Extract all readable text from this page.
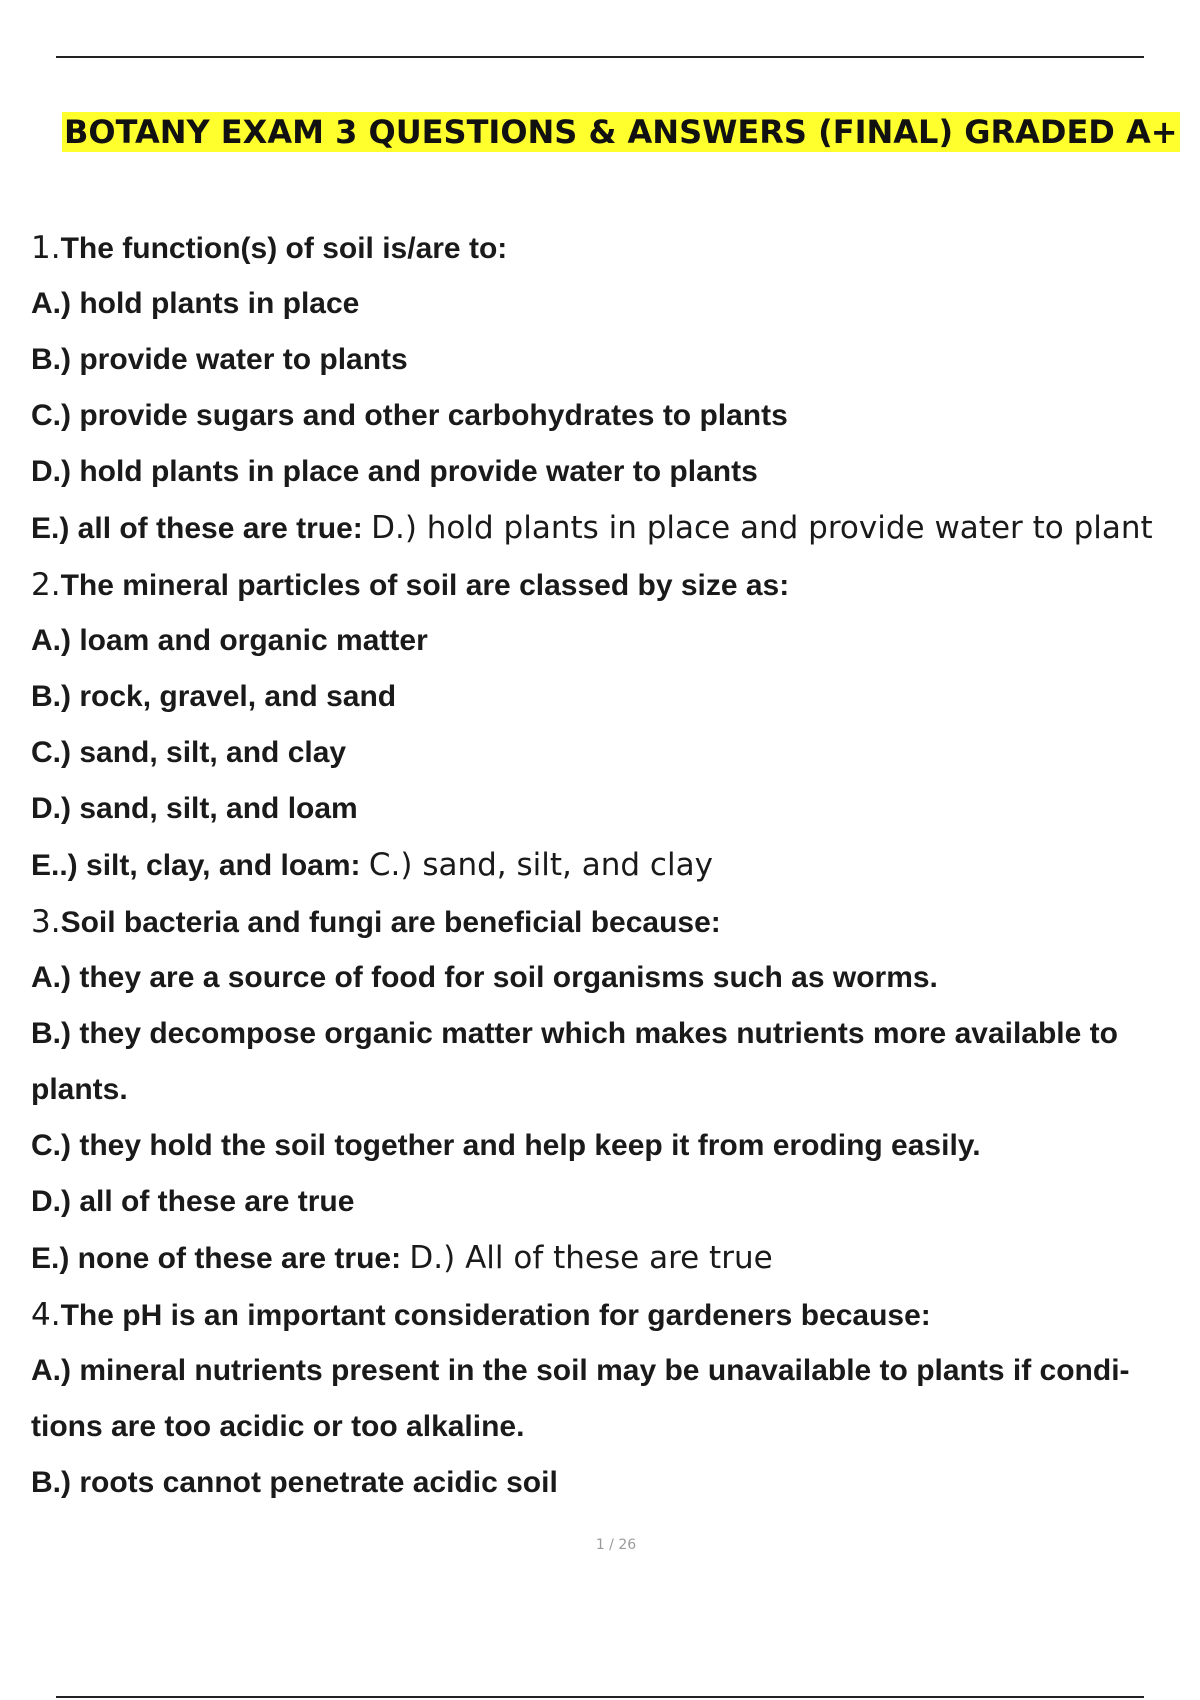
BOTANY EXAM 3 QUESTIONS & ANSWERS (FINAL) GRADED A+
1.The function(s) of soil is/are to:
A.) hold plants in place
B.) provide water to plants
C.) provide sugars and other carbohydrates to plants
D.) hold plants in place and provide water to plants
E.) all of these are true: D.) hold plants in place and provide water to plant
2.The mineral particles of soil are classed by size as:
A.) loam and organic matter
B.) rock, gravel, and sand
C.) sand, silt, and clay
D.) sand, silt, and loam
E..) silt, clay, and loam: C.) sand, silt, and clay
3.Soil bacteria and fungi are beneficial because:
A.) they are a source of food for soil organisms such as worms.
B.) they decompose organic matter which makes nutrients more available to plants.
C.) they hold the soil together and help keep it from eroding easily.
D.) all of these are true
E.) none of these are true: D.) All of these are true
4.The pH is an important consideration for gardeners because:
A.) mineral nutrients present in the soil may be unavailable to plants if condi- tions are too acidic or too alkaline.
B.) roots cannot penetrate acidic soil
1 / 26
